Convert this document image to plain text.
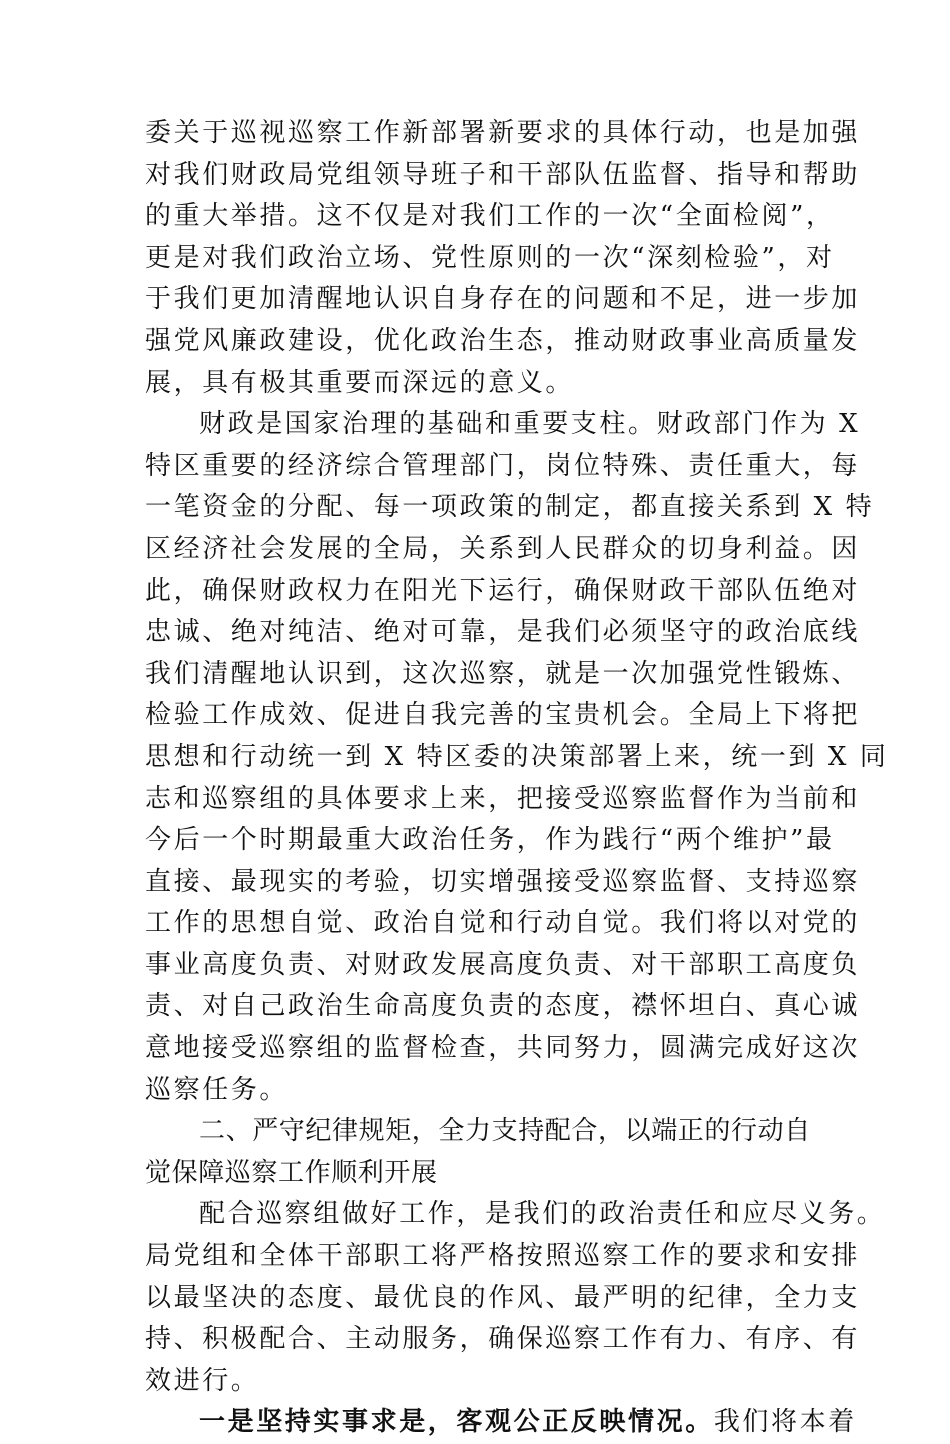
委关于巡视巡察工作新部署新要求的具体行动，也是加强
对我们财政局党组领导班子和干部队伍监督、指导和帮助
的重大举措。这不仅是对我们工作的一次“全面检阅”，
更是对我们政治立场、党性原则的一次“深刻检验”，对
于我们更加清醒地认识自身存在的问题和不足，进一步加
强党风廉政建设，优化政治生态，推动财政事业高质量发
展，具有极其重要而深远的意义。
财政是国家治理的基础和重要支柱。财政部门作为 X
特区重要的经济综合管理部门，岗位特殊、责任重大，每
一笔资金的分配、每一项政策的制定，都直接关系到 X 特
区经济社会发展的全局，关系到人民群众的切身利益。因
此，确保财政权力在阳光下运行，确保财政干部队伍绝对
忠诚、绝对纯洁、绝对可靠，是我们必须坚守的政治底线
我们清醒地认识到，这次巡察，就是一次加强党性锻炼、
检验工作成效、促进自我完善的宝贵机会。全局上下将把
思想和行动统一到 X 特区委的决策部署上来，统一到 X 同
志和巡察组的具体要求上来，把接受巡察监督作为当前和
今后一个时期最重大政治任务，作为践行“两个维护”最
直接、最现实的考验，切实增强接受巡察监督、支持巡察
工作的思想自觉、政治自觉和行动自觉。我们将以对党的
事业高度负责、对财政发展高度负责、对干部职工高度负
责、对自己政治生命高度负责的态度，襟怀坦白、真心诚
意地接受巡察组的监督检查，共同努力，圆满完成好这次
巡察任务。
二、严守纪律规矩，全力支持配合，以端正的行动自
觉保障巡察工作顺利开展
配合巡察组做好工作，是我们的政治责任和应尽义务。
局党组和全体干部职工将严格按照巡察工作的要求和安排
以最坚决的态度、最优良的作风、最严明的纪律，全力支
持、积极配合、主动服务，确保巡察工作有力、有序、有
效进行。
一是坚持实事求是，客观公正反映情况。我们将本着
